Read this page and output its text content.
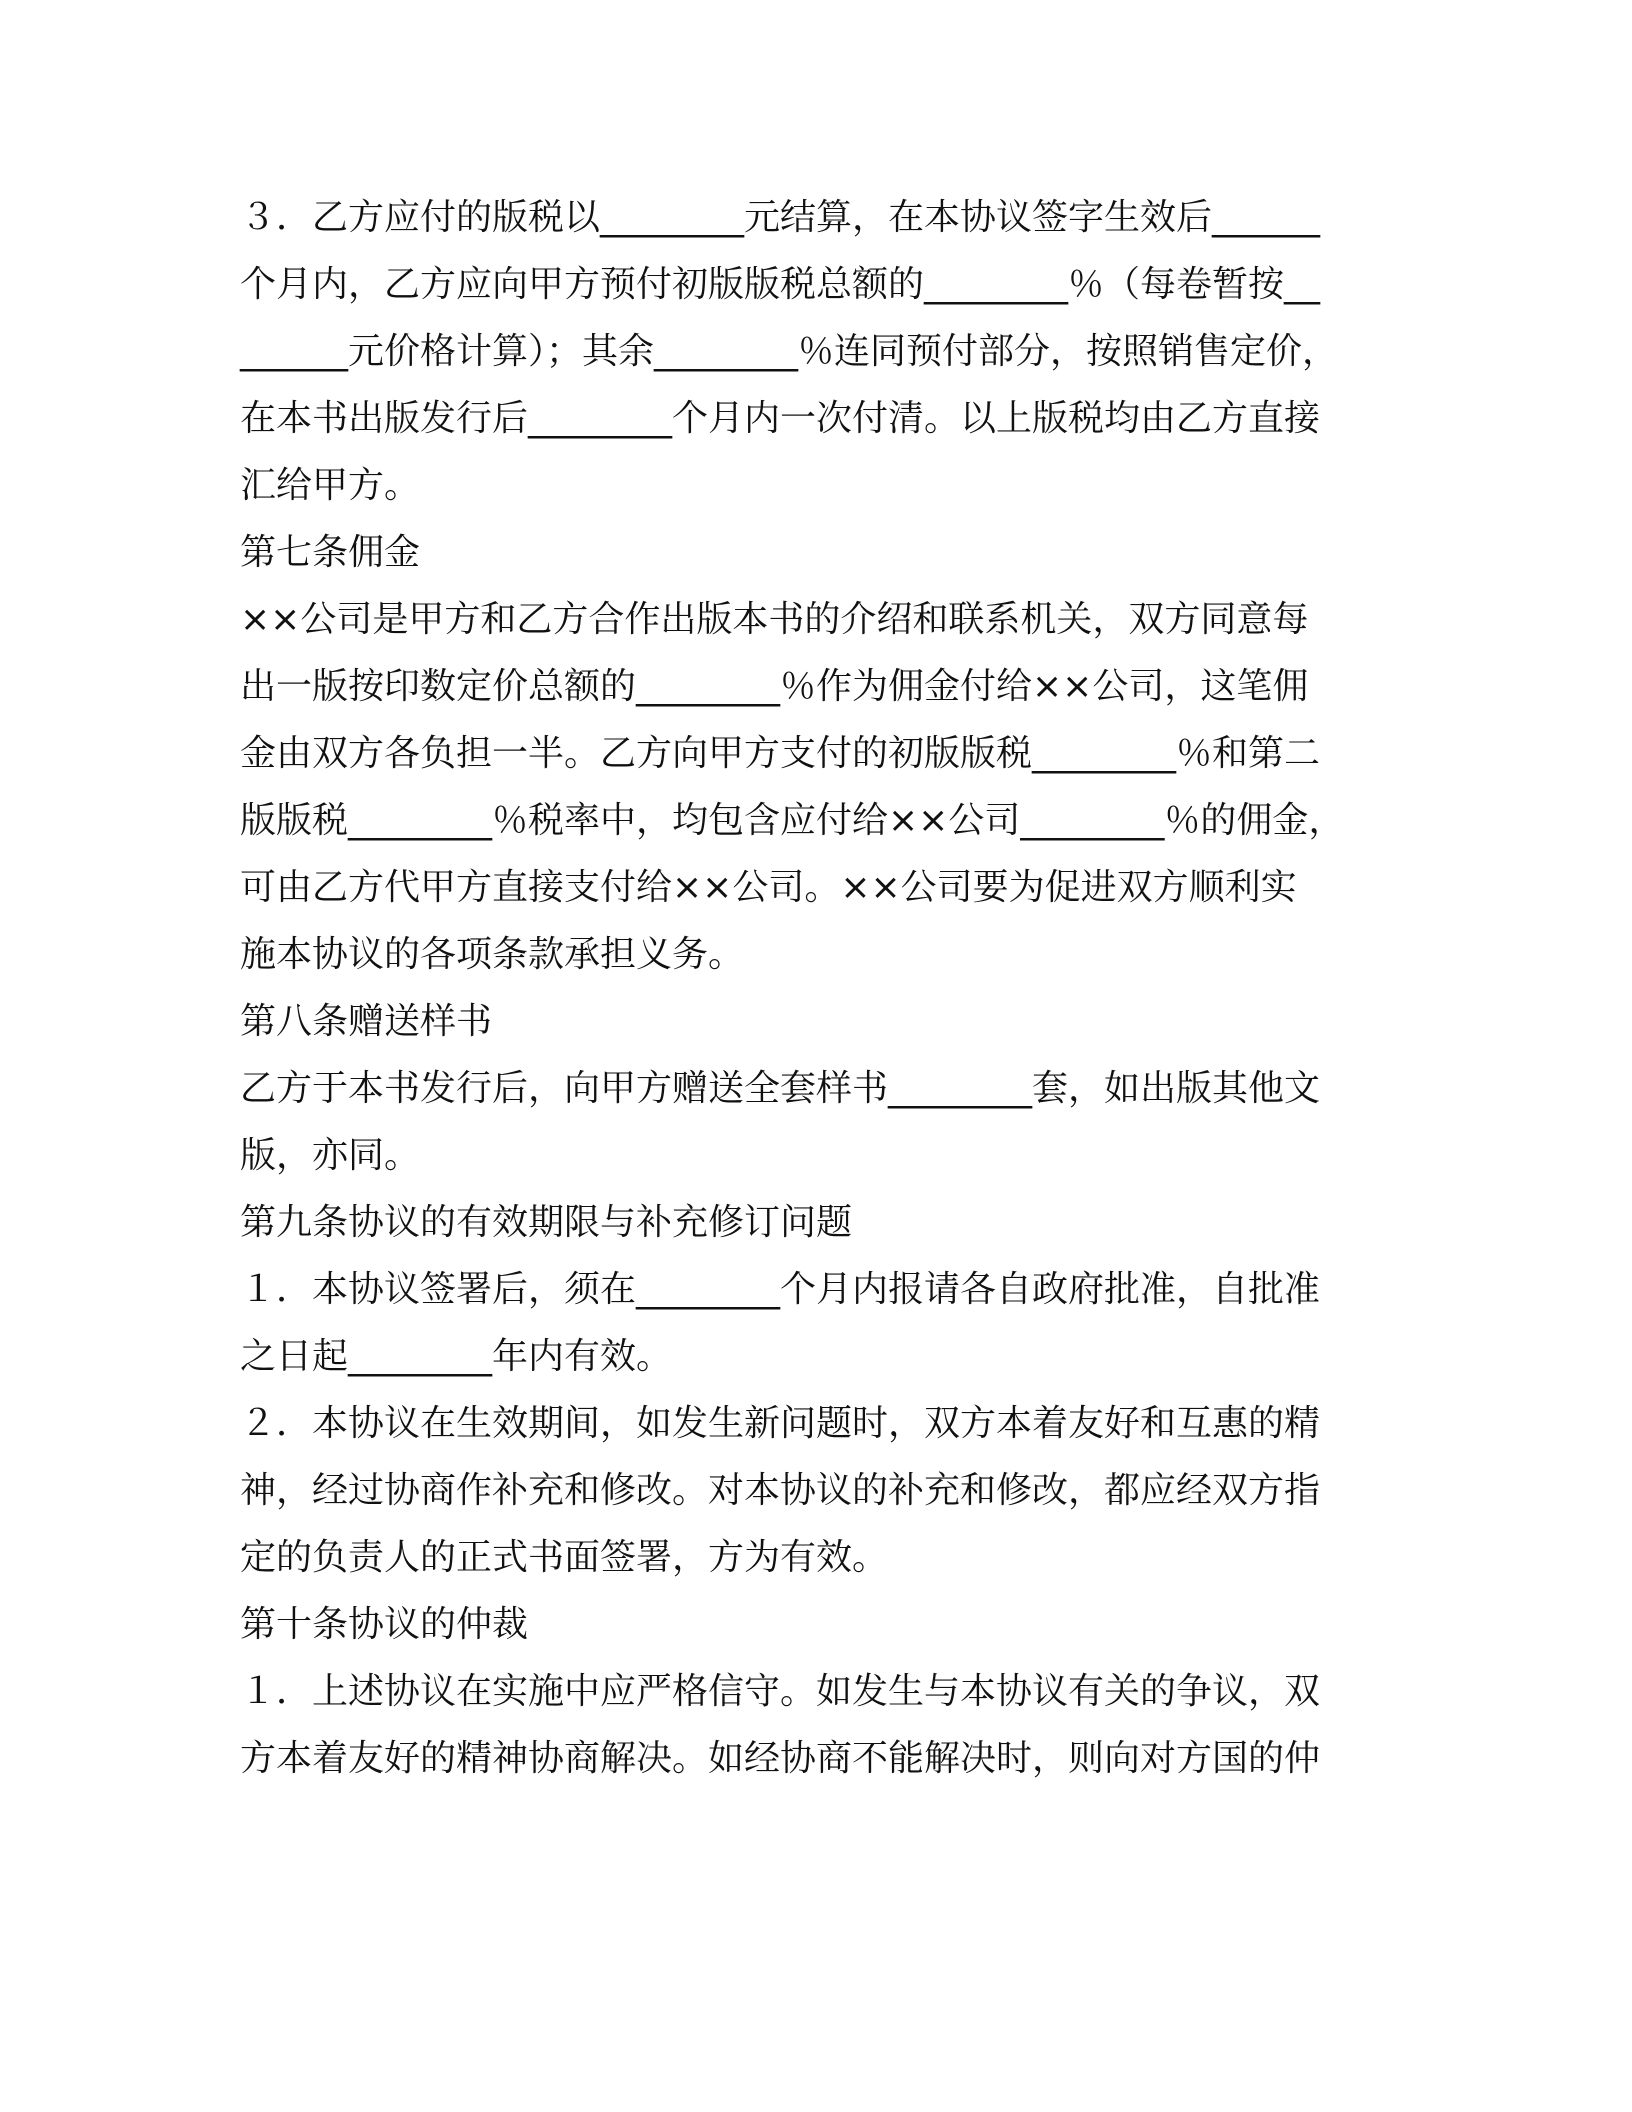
３．乙方应付的版税以________元结算，在本协议签字生效后______
个月内，乙方应向甲方预付初版版税总额的________％（每卷暂按__
______元价格计算）；其余________％连同预付部分，按照销售定价，
在本书出版发行后________个月内一次付清。以上版税均由乙方直接
汇给甲方。
第七条佣金
××公司是甲方和乙方合作出版本书的介绍和联系机关，双方同意每
出一版按印数定价总额的________％作为佣金付给××公司，这笔佣
金由双方各负担一半。乙方向甲方支付的初版版税________％和第二
版版税________％税率中，均包含应付给××公司________％的佣金，
可由乙方代甲方直接支付给××公司。××公司要为促进双方顺利实
施本协议的各项条款承担义务。
第八条赠送样书
乙方于本书发行后，向甲方赠送全套样书________套，如出版其他文
版，亦同。
第九条协议的有效期限与补充修订问题
１．本协议签署后，须在________个月内报请各自政府批准，自批准
之日起________年内有效。
２．本协议在生效期间，如发生新问题时，双方本着友好和互惠的精
神，经过协商作补充和修改。对本协议的补充和修改，都应经双方指
定的负责人的正式书面签署，方为有效。
第十条协议的仲裁
１．上述协议在实施中应严格信守。如发生与本协议有关的争议，双
方本着友好的精神协商解决。如经协商不能解决时，则向对方国的仲
